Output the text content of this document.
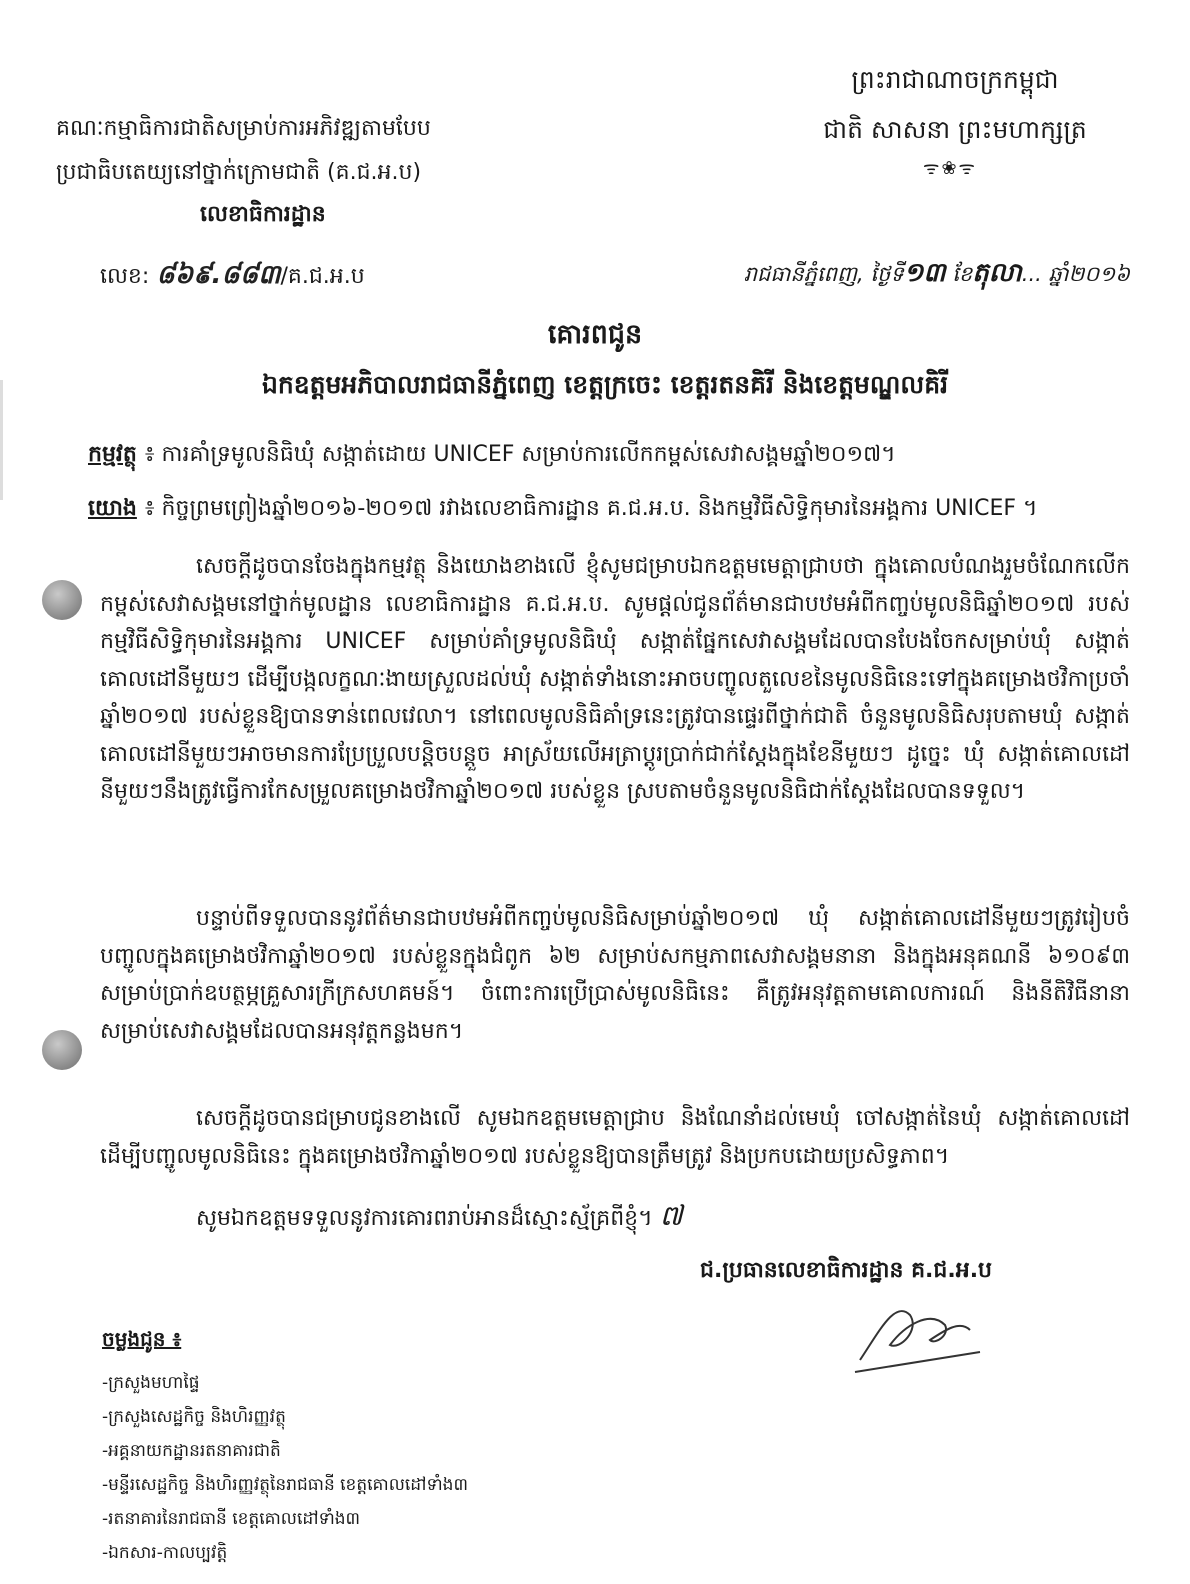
ព្រះរាជាណាចក្រកម្ពុជា
ជាតិ សាសនា ព្រះមហាក្សត្រ
ᯤ❀ᯤ
គណៈកម្មាធិការជាតិសម្រាប់ការអភិវឌ្ឍតាមបែប
ប្រជាធិបតេយ្យនៅថ្នាក់ក្រោមជាតិ (គ.ជ.អ.ប)
លេខាធិការដ្ឋាន
លេខ: ៨៦៩.៨៨៣/គ.ជ.អ.ប	រាជធានីភ្នំពេញ, ថ្ងៃទី១៣ ខែតុលា... ឆ្នាំ២០១៦
គោរពជូន
ឯកឧត្តមអភិបាលរាជធានីភ្នំពេញ ខេត្តក្រចេះ ខេត្តរតនគិរី និងខេត្តមណ្ឌលគិរី
កម្មវត្ថុ ៖ ការគាំទ្រមូលនិធិឃុំ សង្កាត់ដោយ UNICEF សម្រាប់ការលើកកម្ពស់សេវាសង្គមឆ្នាំ២០១៧។
យោង ៖ កិច្ចព្រមព្រៀងឆ្នាំ២០១៦-២០១៧ រវាងលេខាធិការដ្ឋាន គ.ជ.អ.ប. និងកម្មវិធីសិទ្ធិកុមារនៃអង្គការ UNICEF ។
សេចក្តីដូចបានចែងក្នុងកម្មវត្ថុ និងយោងខាងលើ ខ្ញុំសូមជម្រាបឯកឧត្តមមេត្តាជ្រាបថា ក្នុងគោលបំណងរួមចំណែកលើកកម្ពស់សេវាសង្គមនៅថ្នាក់មូលដ្ឋាន លេខាធិការដ្ឋាន គ.ជ.អ.ប. សូមផ្តល់ជូនព័ត៌មានជាបឋមអំពីកញ្ចប់មូលនិធិឆ្នាំ២០១៧ របស់កម្មវិធីសិទ្ធិកុមារនៃអង្គការ UNICEF សម្រាប់គាំទ្រមូលនិធិឃុំ សង្កាត់ផ្នែកសេវាសង្គមដែលបានបែងចែកសម្រាប់ឃុំ សង្កាត់គោលដៅនីមួយៗ ដើម្បីបង្កលក្ខណៈងាយស្រួលដល់ឃុំ សង្កាត់ទាំងនោះអាចបញ្ចូលតួលេខនៃមូលនិធិនេះទៅក្នុងគម្រោងថវិកាប្រចាំឆ្នាំ២០១៧ របស់ខ្លួនឱ្យបានទាន់ពេលវេលា។ នៅពេលមូលនិធិគាំទ្រនេះត្រូវបានផ្ទេរពីថ្នាក់ជាតិ ចំនួនមូលនិធិសរុបតាមឃុំ សង្កាត់គោលដៅនីមួយៗអាចមានការប្រែប្រួលបន្តិចបន្តួច អាស្រ័យលើអត្រាប្តូរប្រាក់ជាក់ស្តែងក្នុងខែនីមួយៗ ដូច្នេះ ឃុំ សង្កាត់គោលដៅនីមួយៗនឹងត្រូវធ្វើការកែសម្រួលគម្រោងថវិកាឆ្នាំ២០១៧ របស់ខ្លួន ស្របតាមចំនួនមូលនិធិជាក់ស្តែងដែលបានទទួល។
បន្ទាប់ពីទទួលបាននូវព័ត៌មានជាបឋមអំពីកញ្ចប់មូលនិធិសម្រាប់ឆ្នាំ២០១៧ ឃុំ សង្កាត់គោលដៅនីមួយៗត្រូវរៀបចំបញ្ចូលក្នុងគម្រោងថវិកាឆ្នាំ២០១៧ របស់ខ្លួនក្នុងជំពូក ៦២ សម្រាប់សកម្មភាពសេវាសង្គមនានា និងក្នុងអនុគណនី ៦១០៩៣ សម្រាប់ប្រាក់ឧបត្ថម្ភគ្រួសារក្រីក្រសហគមន៍។ ចំពោះការប្រើប្រាស់មូលនិធិនេះ គឺត្រូវអនុវត្តតាមគោលការណ៍ និងនីតិវិធីនានាសម្រាប់សេវាសង្គមដែលបានអនុវត្តកន្លងមក។
សេចក្តីដូចបានជម្រាបជូនខាងលើ សូមឯកឧត្តមមេត្តាជ្រាប និងណែនាំដល់មេឃុំ ចៅសង្កាត់នៃឃុំ សង្កាត់គោលដៅដើម្បីបញ្ចូលមូលនិធិនេះ ក្នុងគម្រោងថវិកាឆ្នាំ២០១៧ របស់ខ្លួនឱ្យបានត្រឹមត្រូវ និងប្រកបដោយប្រសិទ្ធភាព។
សូមឯកឧត្តមទទួលនូវការគោរពរាប់អានដ៏ស្មោះស្ម័គ្រពីខ្ញុំ។ ៧
ជ.ប្រធានលេខាធិការដ្ឋាន គ.ជ.អ.ប
ចម្លងជូន ៖
-ក្រសួងមហាផ្ទៃ
-ក្រសួងសេដ្ឋកិច្ច និងហិរញ្ញវត្ថុ
-អគ្គនាយកដ្ឋានរតនាគារជាតិ
-មន្ទីរសេដ្ឋកិច្ច និងហិរញ្ញវត្ថុនៃរាជធានី ខេត្តគោលដៅទាំង៣
-រតនាគារនៃរាជធានី ខេត្តគោលដៅទាំង៣
-ឯកសារ-កាលប្បវត្តិ
